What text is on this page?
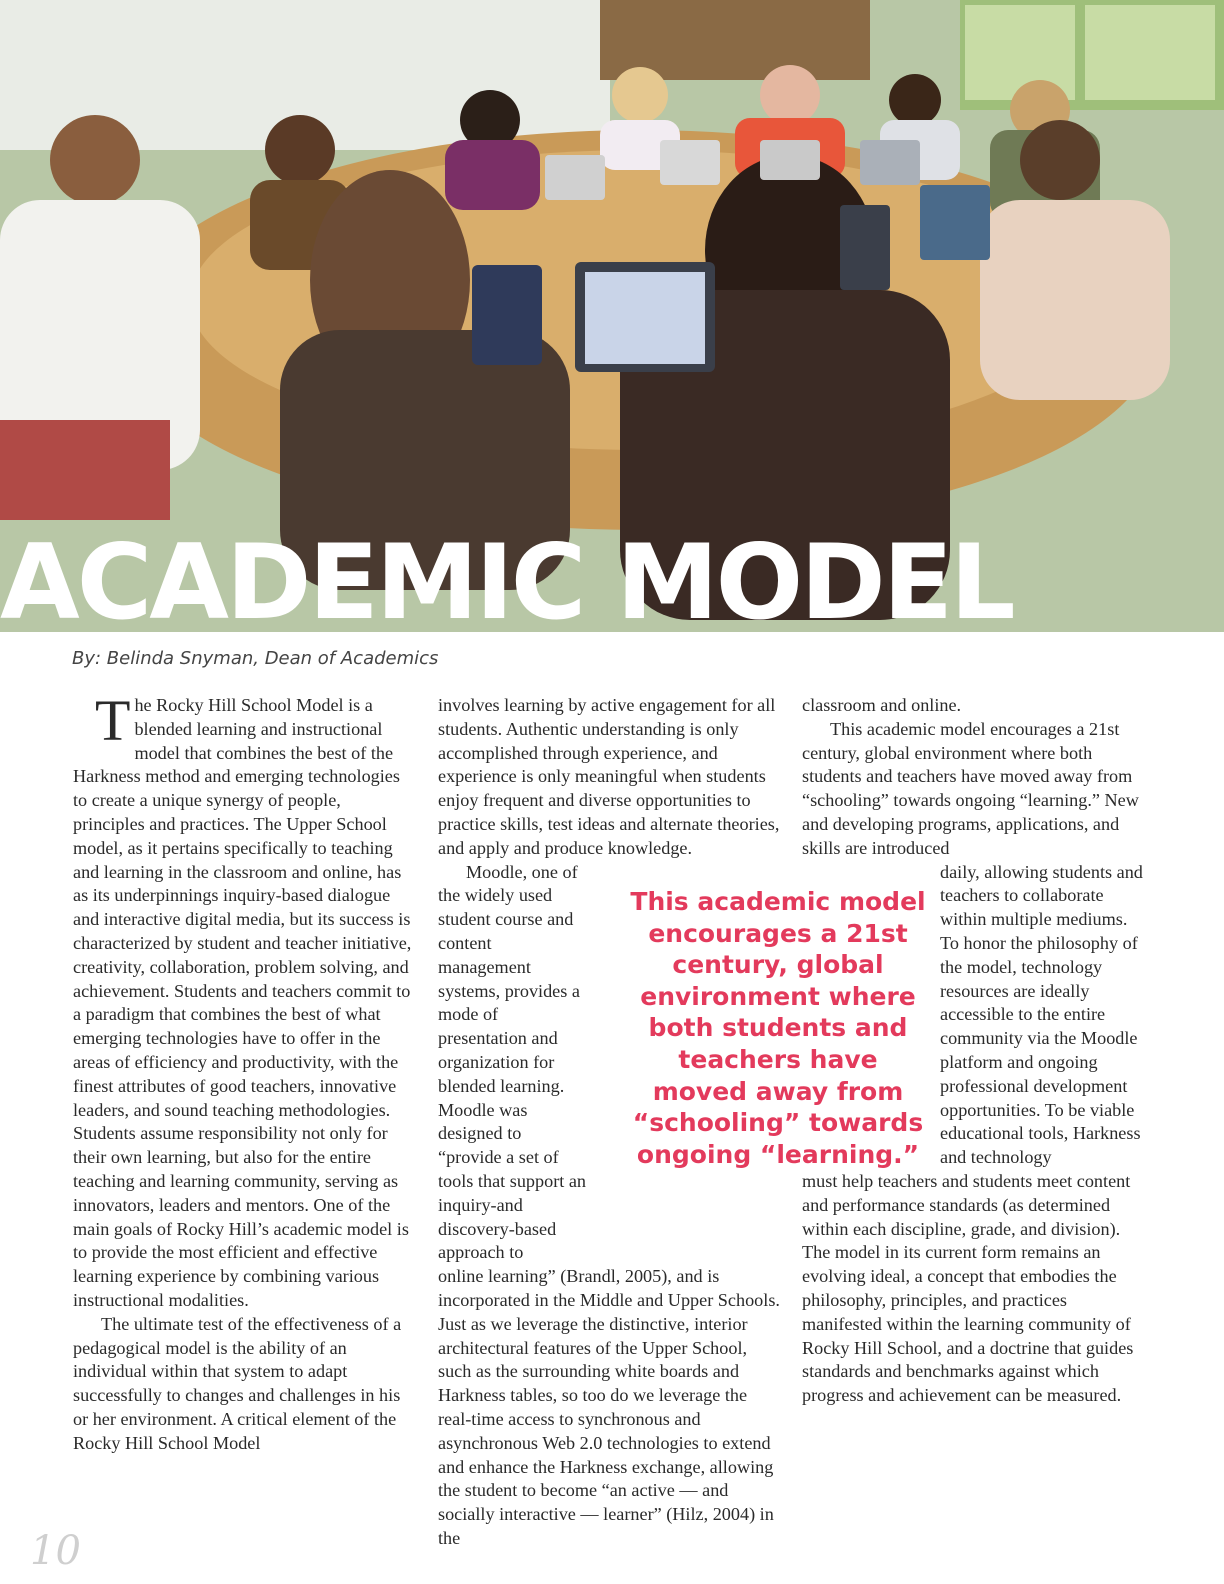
ACADEMIC MODEL
By: Belinda Snyman, Dean of Academics

The Rocky Hill School Model is a blended learning and instructional model that combines the best of the Harkness method and emerging technologies to create a unique synergy of people, principles and practices. The Upper School model, as it pertains specifically to teaching and learning in the classroom and online, has as its underpinnings inquiry-based dialogue and interactive digital media, but its success is characterized by student and teacher initiative, creativity, collaboration, problem solving, and achievement. Students and teachers commit to a paradigm that combines the best of what emerging technologies have to offer in the areas of efficiency and productivity, with the finest attributes of good teachers, innovative leaders, and sound teaching methodologies. Students assume responsibility not only for their own learning, but also for the entire teaching and learning community, serving as innovators, leaders and mentors. One of the main goals of Rocky Hill’s academic model is to provide the most efficient and effective learning experience by combining various instructional modalities.

The ultimate test of the effectiveness of a pedagogical model is the ability of an individual within that system to adapt successfully to changes and challenges in his or her environment. A critical element of the Rocky Hill School Model

involves learning by active engagement for all students. Authentic understanding is only accomplished through experience, and experience is only meaningful when students enjoy frequent and diverse opportunities to practice skills, test ideas and alternate theories, and apply and produce knowledge.

Moodle, one of the widely used student course and content management systems, provides a mode of presentation and organization for blended learning. Moodle was designed to “provide a set of tools that support an inquiry-and discovery-based approach to

online learning” (Brandl, 2005), and is incorporated in the Middle and Upper Schools. Just as we leverage the distinctive, interior architectural features of the Upper School, such as the surrounding white boards and Harkness tables, so too do we leverage the real-time access to synchronous and asynchronous Web 2.0 technologies to extend and enhance the Harkness exchange, allowing the student to become “an active — and socially interactive — learner” (Hilz, 2004) in the

classroom and online.

This academic model encourages a 21st century, global environment where both students and teachers have moved away from “schooling” towards ongoing “learning.” New and developing programs, applications, and skills are introduced

daily, allowing students and teachers to collaborate within multiple mediums. To honor the philosophy of the model, technology resources are ideally accessible to the entire community via the Moodle platform and ongoing professional development opportunities. To be viable educational tools, Harkness and technology

must help teachers and students meet content and performance standards (as determined within each discipline, grade, and division). The model in its current form remains an evolving ideal, a concept that embodies the philosophy, principles, and practices manifested within the learning community of Rocky Hill School, and a doctrine that guides standards and benchmarks against which progress and achievement can be measured.

This academic model encourages a 21st century, global environment where both students and teachers have moved away from “schooling” towards ongoing “learning.”
10
